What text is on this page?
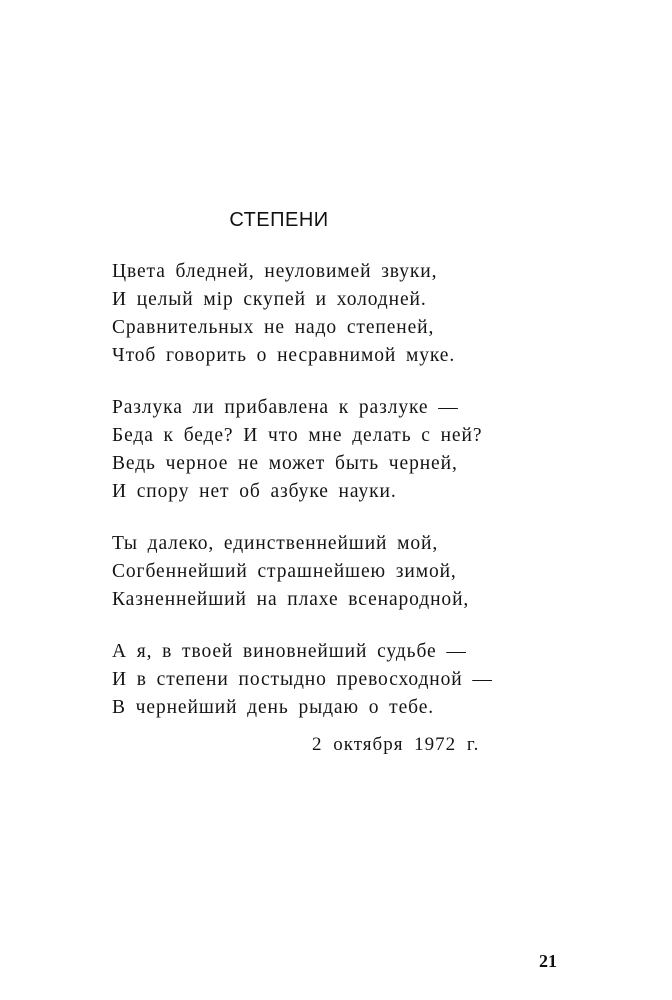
СТЕПЕНИ
Цвета бледней, неуловимей звуки,
И целый мiр скупей и холодней.
Сравнительных не надо степеней,
Чтоб говорить о несравнимой муке.
Разлука ли прибавлена к разлуке —
Беда к беде? И что мне делать с ней?
Ведь черное не может быть черней,
И спору нет об азбуке науки.
Ты далеко, единственнейший мой,
Согбеннейший страшнейшею зимой,
Казненнейший на плахе всенародной,
А я, в твоей виновнейший судьбе —
И в степени постыдно превосходной —
В чернейший день рыдаю о тебе.
2 октября 1972 г.
21
